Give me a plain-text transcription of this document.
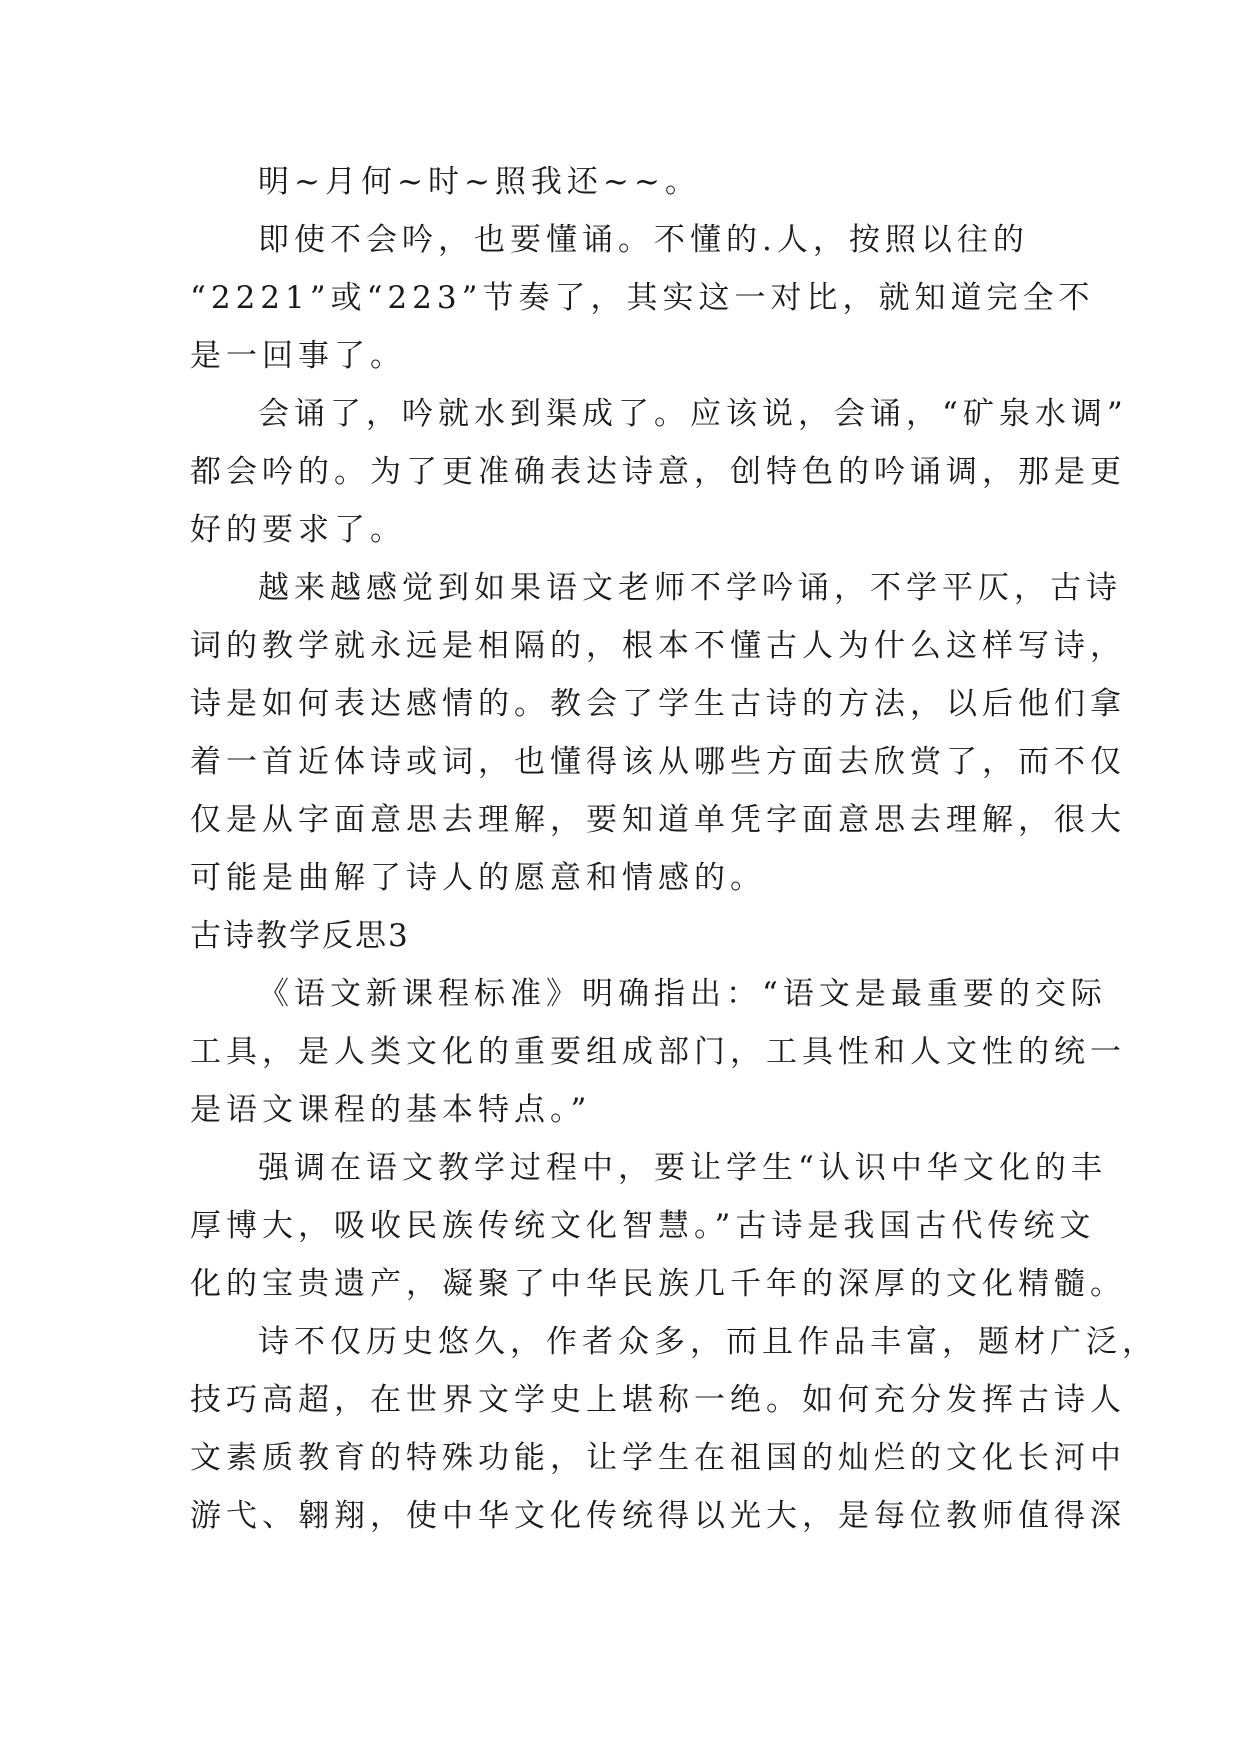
明~月何~时~照我还~~。
即使不会吟，也要懂诵。不懂的.人，按照以往的
“2221”或“223”节奏了，其实这一对比，就知道完全不
是一回事了。
会诵了，吟就水到渠成了。应该说，会诵，“矿泉水调”
都会吟的。为了更准确表达诗意，创特色的吟诵调，那是更
好的要求了。
越来越感觉到如果语文老师不学吟诵，不学平仄，古诗
词的教学就永远是相隔的，根本不懂古人为什么这样写诗，
诗是如何表达感情的。教会了学生古诗的方法，以后他们拿
着一首近体诗或词，也懂得该从哪些方面去欣赏了，而不仅
仅是从字面意思去理解，要知道单凭字面意思去理解，很大
可能是曲解了诗人的愿意和情感的。
古诗教学反思3
《语文新课程标准》明确指出：“语文是最重要的交际
工具，是人类文化的重要组成部门，工具性和人文性的统一
是语文课程的基本特点。”
强调在语文教学过程中，要让学生“认识中华文化的丰
厚博大，吸收民族传统文化智慧。”古诗是我国古代传统文
化的宝贵遗产，凝聚了中华民族几千年的深厚的文化精髓。
诗不仅历史悠久，作者众多，而且作品丰富，题材广泛，
技巧高超，在世界文学史上堪称一绝。如何充分发挥古诗人
文素质教育的特殊功能，让学生在祖国的灿烂的文化长河中
游弋、翱翔，使中华文化传统得以光大，是每位教师值得深
